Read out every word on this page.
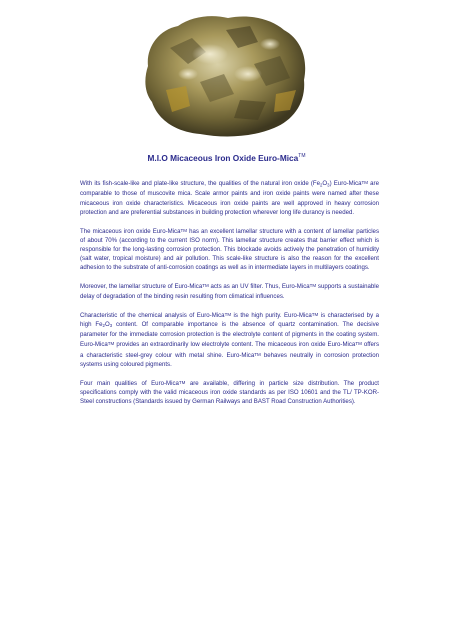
M.I.O Micaceous Iron Oxide Euro-Mica™

With its fish-scale-like and plate-like structure, the qualities of the natural iron oxide $(Fe_2O_3)$ Euro-MicaTM are comparable to those of muscovite mica. Scale armor paints and iron oxide paints were named after these micaceous iron oxide characteristics. Micaceous iron oxide paints are well approved in heavy corrosion protection and are preferential substances in building protection wherever long life durancy is needed.

The micaceous iron oxide Euro-MicaTM has an excellent lamellar structure with a content of lamellar particles of about 70% (according to the current ISO norm). This lamellar structure creates that barrier effect which is responsible for the long-lasting corrosion protection. This blockade avoids actively the penetration of humidity (salt water, tropical moisture) and air pollution. This scale-like structure is also the reason for the excellent adhesion to the substrate of anti-corrosion coatings as well as in intermediate layers in multilayers coatings.

Moreover, the lamellar structure of Euro-MicaTM acts as an UV filter. Thus, Euro-MicaTM supports a sustainable delay of degradation of the binding resin resulting from climatical influences.

Characteristic of the chemical analysis of Euro-MicaTM is the high purity. Euro-MicaTM is characterised by a high $Fe_2O_3$ content. Of comparable importance is the absence of quartz contamination. The decisive parameter for the immediate corrosion protection is the electrolyte content of pigments in the coating system. Euro-MicaTM provides an extraordinarily low electrolyte content. The micaceous iron oxide Euro-MicaTM offers a characteristic steel-grey colour with metal shine. Euro-MicaTM behaves neutrally in corrosion protection systems using coloured pigments.

Four main qualities of Euro-MicaTM are available, differing in particle size distribution. The product specifications comply with the valid micaceous iron oxide standards as per ISO 10601 and the TL/ TP-KOR-Steel constructions (Standards issued by German Railways and BAST Road Construction Authorities).
